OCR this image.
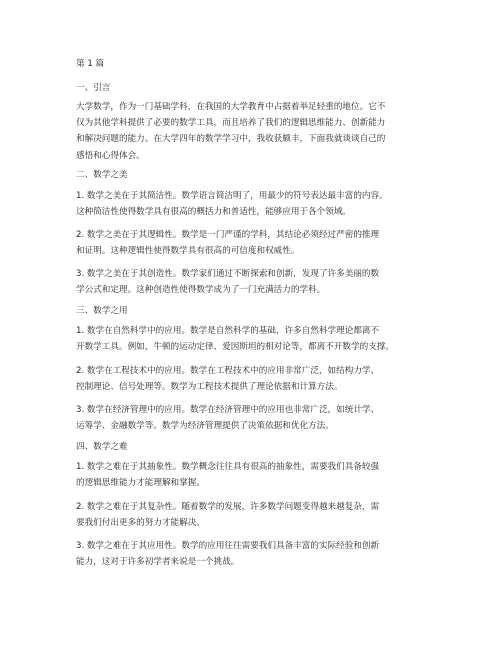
第 1 篇
一、引言
大学数学，作为一门基础学科，在我国的大学教育中占据着举足轻重的地位。它不
仅为其他学科提供了必要的数学工具，而且培养了我们的逻辑思维能力、创新能力
和解决问题的能力。在大学四年的数学学习中，我收获颇丰，下面我就谈谈自己的
感悟和心得体会。
二、数学之美
1. 数学之美在于其简洁性。数学语言简洁明了，用最少的符号表达最丰富的内容。
这种简洁性使得数学具有很高的概括力和普适性，能够应用于各个领域。
2. 数学之美在于其逻辑性。数学是一门严谨的学科，其结论必须经过严密的推理
和证明。这种逻辑性使得数学具有很高的可信度和权威性。
3. 数学之美在于其创造性。数学家们通过不断探索和创新，发现了许多美丽的数
学公式和定理。这种创造性使得数学成为了一门充满活力的学科。
三、数学之用
1. 数学在自然科学中的应用。数学是自然科学的基础，许多自然科学理论都离不
开数学工具。例如，牛顿的运动定律、爱因斯坦的相对论等，都离不开数学的支撑。
2. 数学在工程技术中的应用。数学在工程技术中的应用非常广泛，如结构力学、
控制理论、信号处理等。数学为工程技术提供了理论依据和计算方法。
3. 数学在经济管理中的应用。数学在经济管理中的应用也非常广泛，如统计学、
运筹学、金融数学等。数学为经济管理提供了决策依据和优化方法。
四、数学之难
1. 数学之难在于其抽象性。数学概念往往具有很高的抽象性，需要我们具备较强
的逻辑思维能力才能理解和掌握。
2. 数学之难在于其复杂性。随着数学的发展，许多数学问题变得越来越复杂，需
要我们付出更多的努力才能解决。
3. 数学之难在于其应用性。数学的应用往往需要我们具备丰富的实际经验和创新
能力，这对于许多初学者来说是一个挑战。
